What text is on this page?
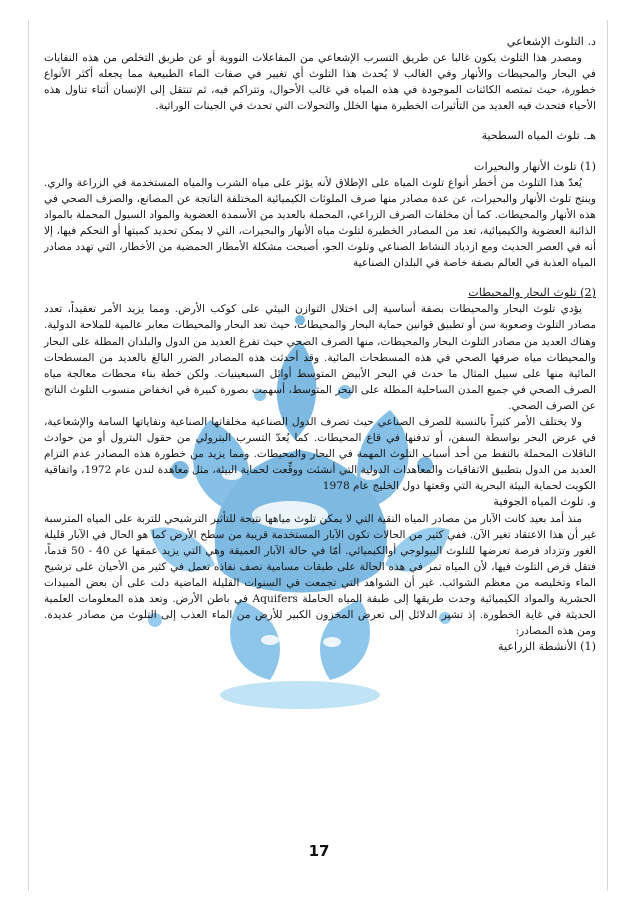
د. التلوث الإشعاعي

ومصدر هذا التلوث يكون غالبا عن طريق التسرب الإشعاعي من المفاعلات النووية أو عن طريق التخلص من هذه النفايات في البحار والمحيطات والأنهار وفي الغالب لا يُحدث هذا التلوث أي تغيير في صفات الماء الطبيعية مما يجعله أكثر الأنواع خطورة، حيث تمتصه الكائنات الموجودة في هذه المياه في غالب الأحوال، وتتراكم فيه، ثم تنتقل إلى الإنسان أثناء تناول هذه الأحياء فتحدث فيه العديد من التأثيرات الخطيرة منها الخلل والتحولات التي تحدث في الجينات الوراثية.

هـ. تلوث المياه السطحية

(1) تلوث الأنهار والبحيرات

يُعدّ هذا التلوث من أخطر أنواع تلوث المياه على الإطلاق لأنه يؤثر على مياه الشرب والمياه المستخدمة في الزراعة والري. وينتج تلوث الأنهار والبحيرات، عن عدة مصادر منها صرف الملوثات الكيميائية المختلفة الناتجة عن المصانع، والصرف الصحي في هذه الأنهار والمحيطات. كما أن مخلفات الصرف الزراعي، المحملة بالعديد من الأسمدة العضوية والمواد السيول المحملة بالمواد الذائبة العضوية والكيميائية، تعد من المصادر الخطيرة لتلوث مياه الأنهار والبحيرات، التي لا يمكن تحديد كميتها أو التحكم فيها، إلا أنه في العصر الحديث ومع ازدياد النشاط الصناعي وتلوث الجو، أصبحت مشكلة الأمطار الحمضية من الأخطار، التي تهدد مصادر المياه العذبة في العالم بصفة خاصة في البلدان الصناعية

(2) تلوث البحار والمحيطات

يؤدي تلوث البحار والمحيطات بصفة أساسية إلى اختلال التوازن البيئي على كوكب الأرض. ومما يزيد الأمر تعقيداً، تعدد مصادر التلوث وصعوبة سن أو تطبيق قوانين حماية البحار والمحيطات، حيث تعد البحار والمحيطات معابر عالمية للملاحة الدولية. وهناك العديد من مصادر التلوث البحار والمحيطات، منها الصرف الصحي حيث تفرغ العديد من الدول والبلدان المطلة على البحار والمحيطات مياه صرفها الصحي في هذه المسطحات المائية. وقد أحدثت هذه المصادر الضرر البالغ بالعديد من المسطحات المائية منها على سبيل المثال ما حدث في البحر الأبيض المتوسط أوائل السبعينيات. ولكن خطة بناء محطات معالجة مياه الصرف الصحي في جميع المدن الساحلية المطلة على البحر المتوسط، أسهمت بصورة كبيرة في انخفاض منسوب التلوث الناتج عن الصرف الصحي.

ولا يختلف الأمر كثيراً بالنسبة للصرف الصناعي حيث تصرف الدول الصناعية مخلفاتها الصناعية ونفاياتها السامة والإشعاعية، في عرض البحر بواسطة السفن، أو تدفنها في قاع المحيطات. كما يُعدّ التسرب البترولي من حقول البترول أو من حوادث الناقلات المحملة بالنفط من أحد أسباب التلوث المهمة في البحار والمحيطات. ومما يزيد من خطورة هذه المصادر عدم التزام العديد من الدول بتطبيق الاتفاقيات والمعاهدات الدولية التي أنشئت ووقِّعت لحماية البيئة، مثل معاهدة لندن عام 1972، واتفاقية الكويت لحماية البيئة البحرية التي وقعتها دول الخليج عام 1978

و. تلوث المياه الجوفية

منذ أمد بعيد كانت الآبار من مصادر المياه النقية التي لا يمكن تلوث مياهها نتيجة للتأثير الترشيحي للتربة على المياه المترسبة غير أن هذا الاعتقاد تغير الآن. ففي كثير من الحالات تكون الآبار المستخدمة قريبة من سطح الأرض كما هو الحال في الآبار قليلة الغور وتزداد فرصة تعرضها للتلوث البيولوجي أوالكيميائي. أمّا في حالة الآبار العميقة وهي التي يزيد عمقها عن 40 - 50 قدماً، فتقل فرص التلوث فيها، لأن المياه تمر في هذه الحالة على طبقات مسامية نصف نفاذه تعمل في كثير من الأحيان على ترشيح الماء وتخليصه من معظم الشوائب. غير أن الشواهد التي تجمعت في السنوات القليلة الماضية دلت على أن بعض المبيدات الحشرية والمواد الكيميائية وجدت طريقها إلى طبقة المياه الحاملة Aquifers في باطن الأرض. وتعد هذه المعلومات العلمية الحديثة في غاية الخطورة. إذ تشير الدلائل إلى تعرض المخزون الكبير للأرض من الماء العذب إلى التلوث من مصادر عديدة. ومن هذه المصادر:

(1) الأنشطة الزراعية

17
